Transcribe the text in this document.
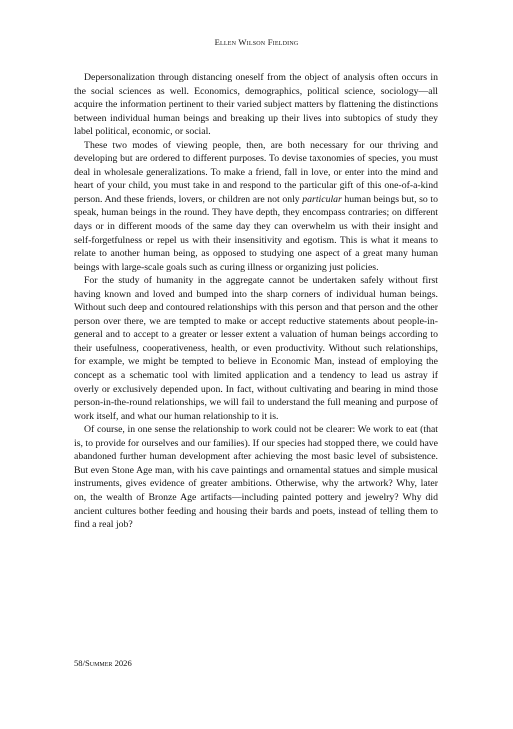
Ellen Wilson Fielding

Depersonalization through distancing oneself from the object of analysis often occurs in the social sciences as well. Economics, demographics, political science, sociology—all acquire the information pertinent to their varied subject matters by flattening the distinctions between individual human beings and breaking up their lives into subtopics of study they label political, economic, or social.

These two modes of viewing people, then, are both necessary for our thriving and developing but are ordered to different purposes. To devise taxonomies of species, you must deal in wholesale generalizations. To make a friend, fall in love, or enter into the mind and heart of your child, you must take in and respond to the particular gift of this one-of-a-kind person. And these friends, lovers, or children are not only particular human beings but, so to speak, human beings in the round. They have depth, they encompass contraries; on different days or in different moods of the same day they can overwhelm us with their insight and self-forgetfulness or repel us with their insensitivity and egotism. This is what it means to relate to another human being, as opposed to studying one aspect of a great many human beings with large-scale goals such as curing illness or organizing just policies.

For the study of humanity in the aggregate cannot be undertaken safely without first having known and loved and bumped into the sharp corners of individual human beings. Without such deep and contoured relationships with this person and that person and the other person over there, we are tempted to make or accept reductive statements about people-in-general and to accept to a greater or lesser extent a valuation of human beings according to their usefulness, cooperativeness, health, or even productivity. Without such relationships, for example, we might be tempted to believe in Economic Man, instead of employing the concept as a schematic tool with limited application and a tendency to lead us astray if overly or exclusively depended upon. In fact, without cultivating and bearing in mind those person-in-the-round relationships, we will fail to understand the full meaning and purpose of work itself, and what our human relationship to it is.

Of course, in one sense the relationship to work could not be clearer: We work to eat (that is, to provide for ourselves and our families). If our species had stopped there, we could have abandoned further human development after achieving the most basic level of subsistence. But even Stone Age man, with his cave paintings and ornamental statues and simple musical instruments, gives evidence of greater ambitions. Otherwise, why the artwork? Why, later on, the wealth of Bronze Age artifacts—including painted pottery and jewelry? Why did ancient cultures bother feeding and housing their bards and poets, instead of telling them to find a real job?

58/Summer 2026
